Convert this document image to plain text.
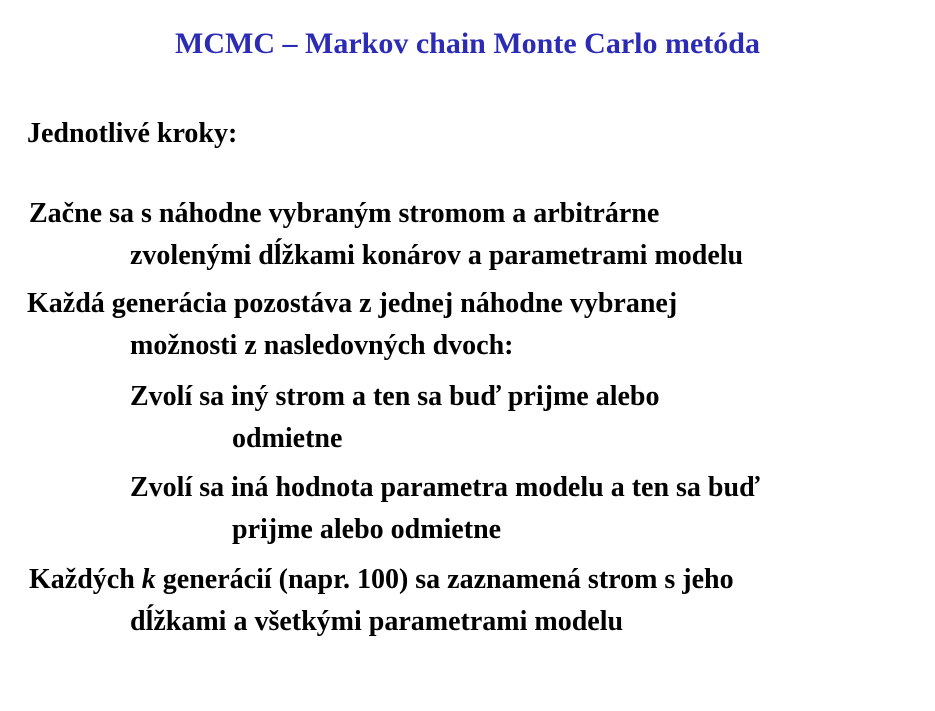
MCMC – Markov chain Monte Carlo metóda
Jednotlivé kroky:
Začne sa s náhodne vybraným stromom a arbitrárne
zvolenými dĺžkami konárov a parametrami modelu
Každá generácia pozostáva z jednej náhodne vybranej
možnosti z nasledovných dvoch:
Zvolí sa iný strom a ten sa buď prijme alebo
odmietne
Zvolí sa iná hodnota parametra modelu a ten sa buď
prijme alebo odmietne
Každých k generácií (napr. 100) sa zaznamená strom s jeho
dĺžkami a všetkými parametrami modelu
